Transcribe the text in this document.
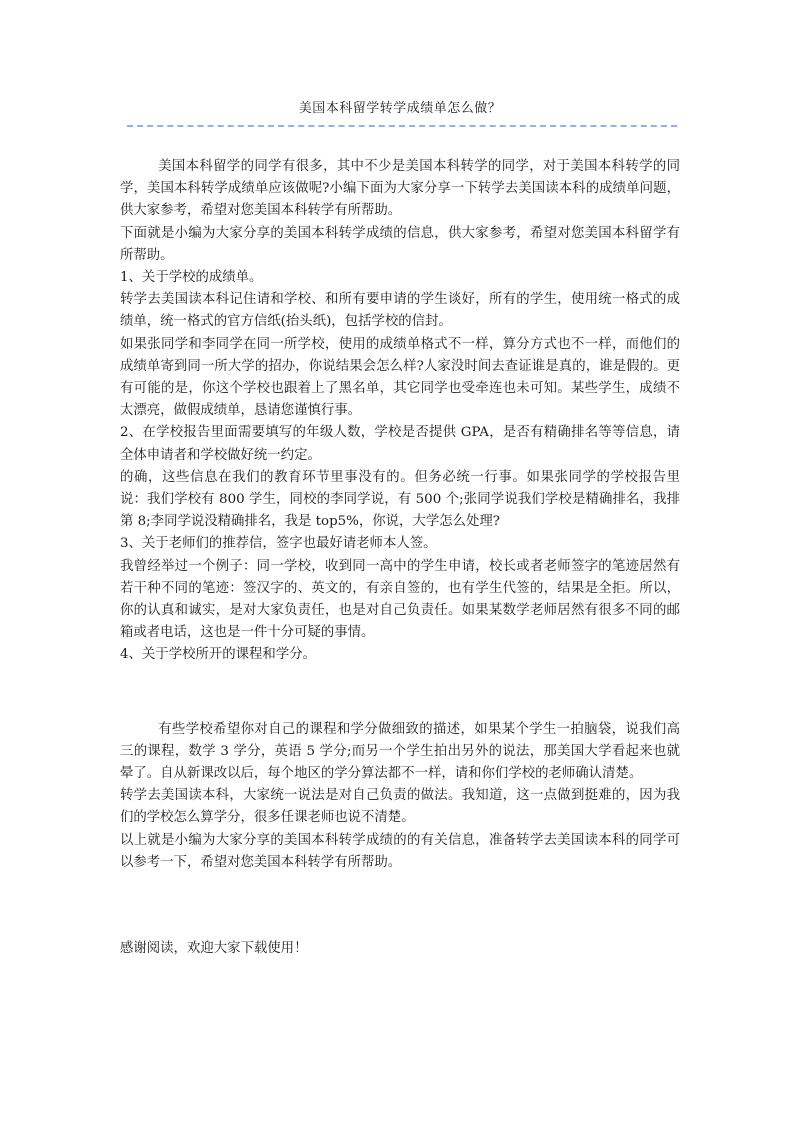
美国本科留学转学成绩单怎么做？

美国本科留学的同学有很多，其中不少是美国本科转学的同学，对于美国本科转学的同学，美国本科转学成绩单应该做呢?小编下面为大家分享一下转学去美国读本科的成绩单问题，供大家参考，希望对您美国本科转学有所帮助。

下面就是小编为大家分享的美国本科转学成绩的信息，供大家参考，希望对您美国本科留学有所帮助。

1、关于学校的成绩单。

转学去美国读本科记住请和学校、和所有要申请的学生谈好，所有的学生，使用统一格式的成绩单，统一格式的官方信纸(抬头纸)，包括学校的信封。

如果张同学和李同学在同一所学校，使用的成绩单格式不一样，算分方式也不一样，而他们的成绩单寄到同一所大学的招办，你说结果会怎么样?人家没时间去查证谁是真的，谁是假的。更有可能的是，你这个学校也跟着上了黑名单，其它同学也受牵连也未可知。某些学生，成绩不太漂亮，做假成绩单，恳请您谨慎行事。

2、在学校报告里面需要填写的年级人数，学校是否提供 GPA，是否有精确排名等等信息，请全体申请者和学校做好统一约定。

的确，这些信息在我们的教育环节里事没有的。但务必统一行事。如果张同学的学校报告里说：我们学校有 800 学生，同校的李同学说，有 500 个;张同学说我们学校是精确排名，我排第 8;李同学说没精确排名，我是 top5%，你说，大学怎么处理?

3、关于老师们的推荐信，签字也最好请老师本人签。

我曾经举过一个例子：同一学校，收到同一高中的学生申请，校长或者老师签字的笔迹居然有若干种不同的笔迹：签汉字的、英文的，有亲自签的，也有学生代签的，结果是全拒。所以，你的认真和诚实，是对大家负责任，也是对自己负责任。如果某数学老师居然有很多不同的邮箱或者电话，这也是一件十分可疑的事情。

4、关于学校所开的课程和学分。

有些学校希望你对自己的课程和学分做细致的描述，如果某个学生一拍脑袋，说我们高三的课程，数学 3 学分，英语 5 学分;而另一个学生拍出另外的说法，那美国大学看起来也就晕了。自从新课改以后，每个地区的学分算法都不一样，请和你们学校的老师确认清楚。

转学去美国读本科，大家统一说法是对自己负责的做法。我知道，这一点做到挺难的，因为我们的学校怎么算学分，很多任课老师也说不清楚。

以上就是小编为大家分享的美国本科转学成绩的的有关信息，准备转学去美国读本科的同学可以参考一下，希望对您美国本科转学有所帮助。

感谢阅读，欢迎大家下载使用！
